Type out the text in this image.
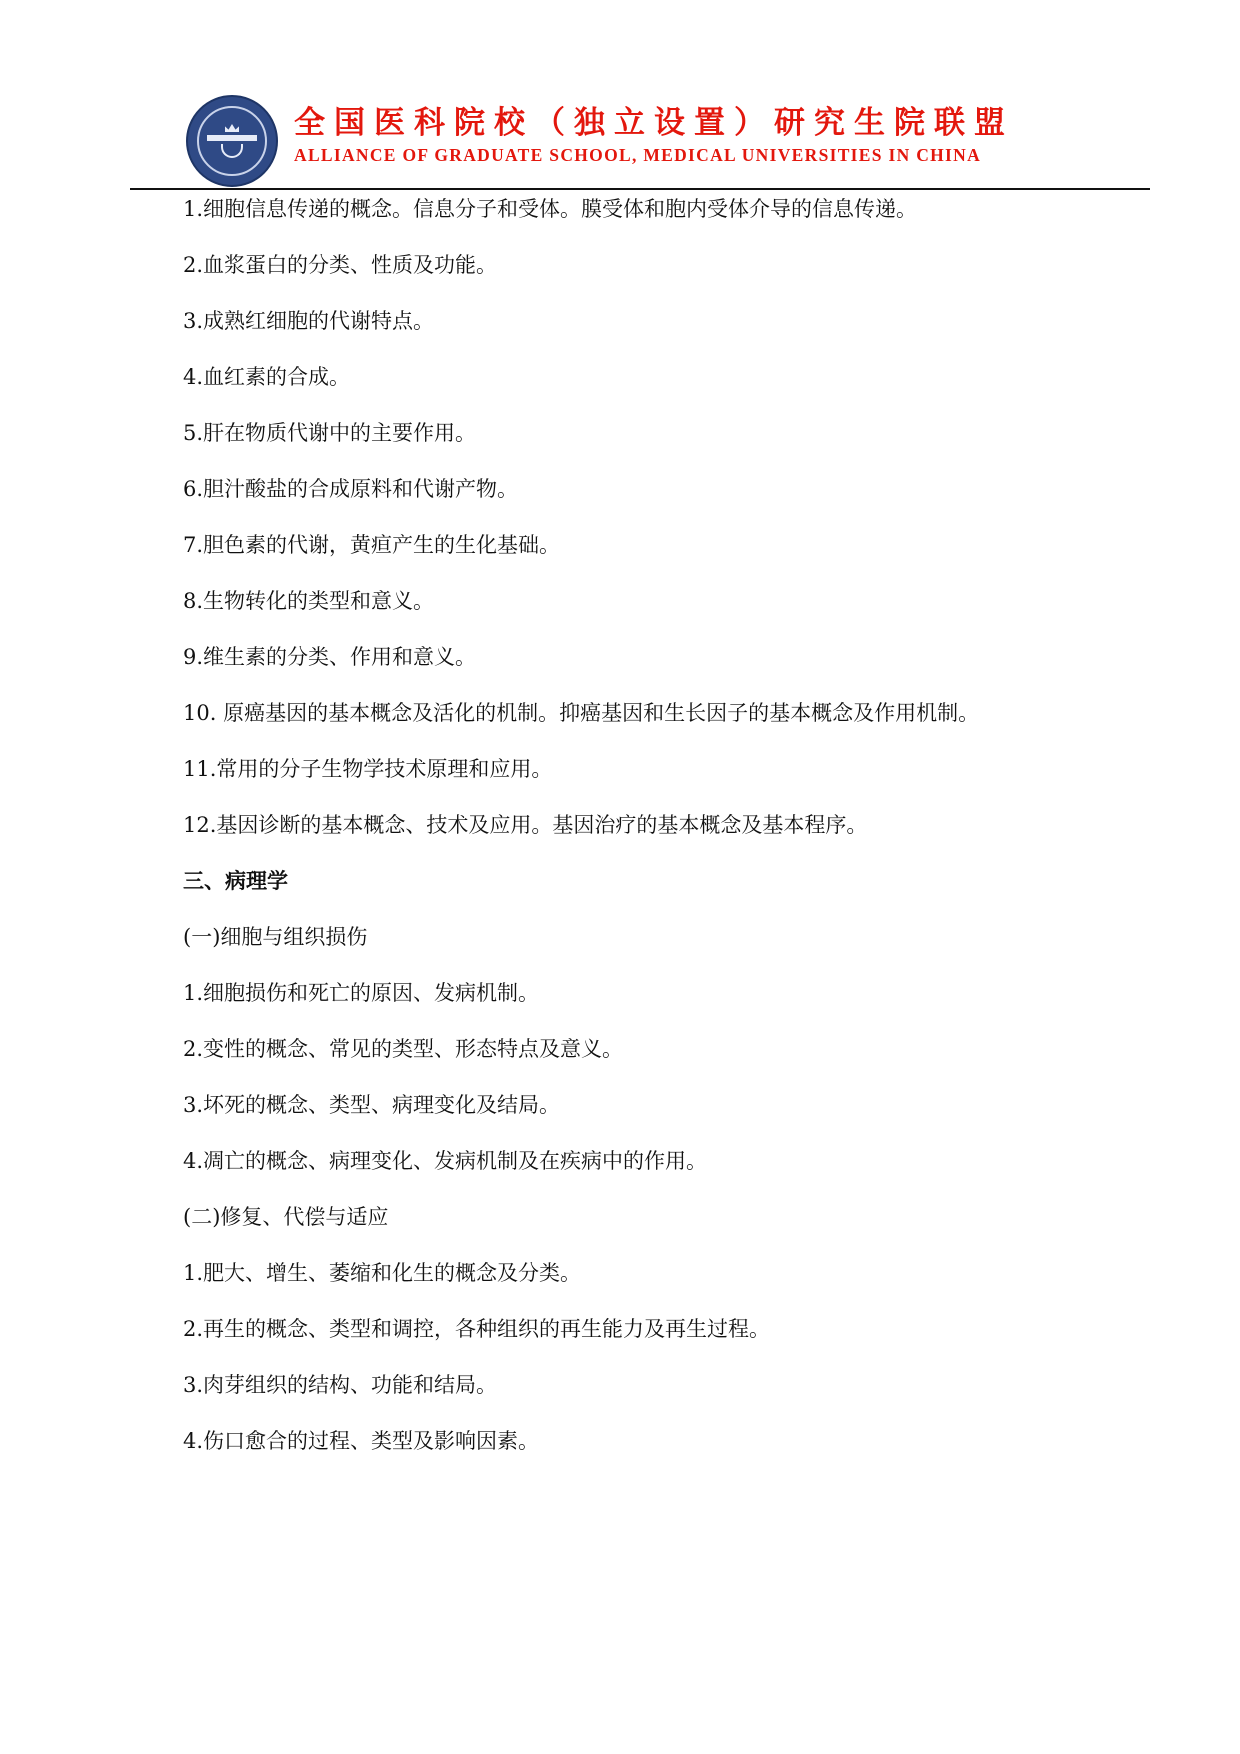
全国医科院校（独立设置）研究生院联盟
ALLIANCE OF GRADUATE SCHOOL, MEDICAL UNIVERSITIES IN CHINA
1.细胞信息传递的概念。信息分子和受体。膜受体和胞内受体介导的信息传递。
2.血浆蛋白的分类、性质及功能。
3.成熟红细胞的代谢特点。
4.血红素的合成。
5.肝在物质代谢中的主要作用。
6.胆汁酸盐的合成原料和代谢产物。
7.胆色素的代谢，黄疸产生的生化基础。
8.生物转化的类型和意义。
9.维生素的分类、作用和意义。
10. 原癌基因的基本概念及活化的机制。抑癌基因和生长因子的基本概念及作用机制。
11.常用的分子生物学技术原理和应用。
12.基因诊断的基本概念、技术及应用。基因治疗的基本概念及基本程序。
三、病理学
(一)细胞与组织损伤
1.细胞损伤和死亡的原因、发病机制。
2.变性的概念、常见的类型、形态特点及意义。
3.坏死的概念、类型、病理变化及结局。
4.凋亡的概念、病理变化、发病机制及在疾病中的作用。
(二)修复、代偿与适应
1.肥大、增生、萎缩和化生的概念及分类。
2.再生的概念、类型和调控，各种组织的再生能力及再生过程。
3.肉芽组织的结构、功能和结局。
4.伤口愈合的过程、类型及影响因素。
